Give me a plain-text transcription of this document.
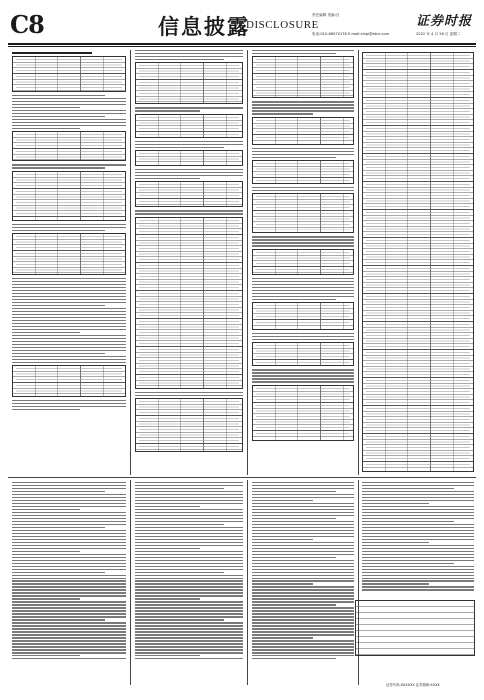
C8	信息披露
DISCLOSURE
责任编辑 美编:白
电话:010-66070176 E-mail:xinpi@stcn.com
证券时报
2022 年 4 月 26 日 星期二
证券代码:XXXXXX 证券简称:XXXX
